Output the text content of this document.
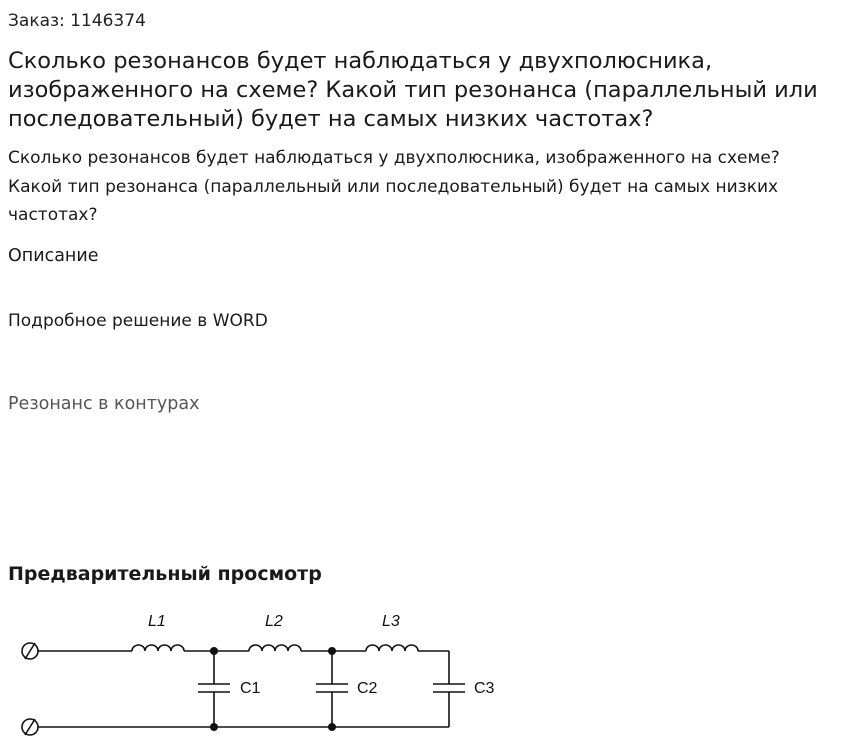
Заказ: 1146374
Сколько резонансов будет наблюдаться у двухполюсника, изображенного на схеме? Какой тип резонанса (параллельный или последовательный) будет на самых низких частотах?
Сколько резонансов будет наблюдаться у двухполюсника, изображенного на схеме? Какой тип резонанса (параллельный или последовательный) будет на самых низких частотах?
Описание
Подробное решение в WORD
Резонанс в контурах
Предварительный просмотр
L1	L2	L3
C1	C2	C3
